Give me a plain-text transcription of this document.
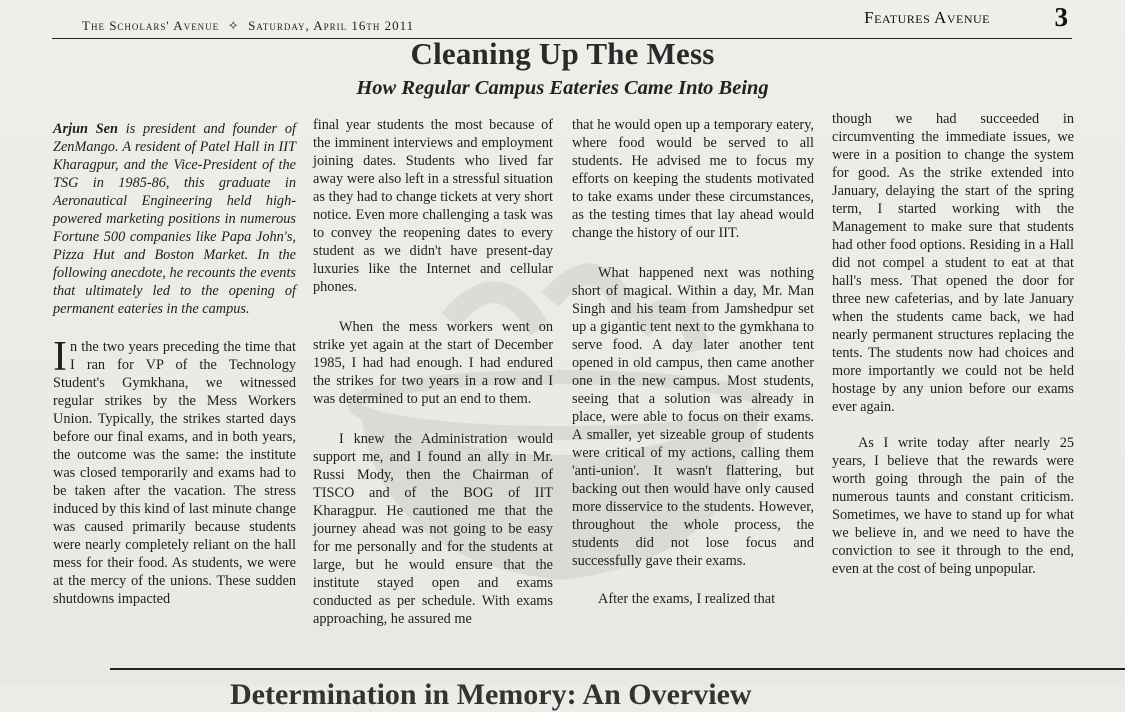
The Scholars' Avenue ✧ Saturday, April 16th 2011	Features Avenue 3
Cleaning Up The Mess
How Regular Campus Eateries Came Into Being

Arjun Sen is president and founder of ZenMango. A resident of Patel Hall in IIT Kharagpur, and the Vice-President of the TSG in 1985-86, this graduate in Aeronautical Engineering held high-powered marketing positions in numerous Fortune 500 companies like Papa John's, Pizza Hut and Boston Market. In the following anecdote, he recounts the events that ultimately led to the opening of permanent eateries in the campus.

In the two years preceding the time that I ran for VP of the Technology Student's Gymkhana, we witnessed regular strikes by the Mess Workers Union. Typically, the strikes started days before our final exams, and in both years, the outcome was the same: the institute was closed temporarily and exams had to be taken after the vacation. The stress induced by this kind of last minute change was caused primarily because students were nearly completely reliant on the hall mess for their food. As students, we were at the mercy of the unions. These sudden shutdowns impacted

final year students the most because of the imminent interviews and employment joining dates. Students who lived far away were also left in a stressful situation as they had to change tickets at very short notice. Even more challenging a task was to convey the reopening dates to every student as we didn't have present-day luxuries like the Internet and cellular phones.

When the mess workers went on strike yet again at the start of December 1985, I had had enough. I had endured the strikes for two years in a row and I was determined to put an end to them.

I knew the Administration would support me, and I found an ally in Mr. Russi Mody, then the Chairman of TISCO and of the BOG of IIT Kharagpur. He cautioned me that the journey ahead was not going to be easy for me personally and for the students at large, but he would ensure that the institute stayed open and exams conducted as per schedule. With exams approaching, he assured me

that he would open up a temporary eatery, where food would be served to all students. He advised me to focus my efforts on keeping the students motivated to take exams under these circumstances, as the testing times that lay ahead would change the history of our IIT.

What happened next was nothing short of magical. Within a day, Mr. Man Singh and his team from Jamshedpur set up a gigantic tent next to the gymkhana to serve food. A day later another tent opened in old campus, then came another one in the new campus. Most students, seeing that a solution was already in place, were able to focus on their exams. A smaller, yet sizeable group of students were critical of my actions, calling them 'anti-union'. It wasn't flattering, but backing out then would have only caused more disservice to the students. However, throughout the whole process, the students did not lose focus and successfully gave their exams.

After the exams, I realized that

though we had succeeded in circumventing the immediate issues, we were in a position to change the system for good. As the strike extended into January, delaying the start of the spring term, I started working with the Management to make sure that students had other food options. Residing in a Hall did not compel a student to eat at that hall's mess. That opened the door for three new cafeterias, and by late January when the students came back, we had nearly permanent structures replacing the tents. The students now had choices and more importantly we could not be held hostage by any union before our exams ever again.

As I write today after nearly 25 years, I believe that the rewards were worth going through the pain of the numerous taunts and constant criticism. Sometimes, we have to stand up for what we believe in, and we need to have the conviction to see it through to the end, even at the cost of being unpopular.

Determination in Memory: An Overview
